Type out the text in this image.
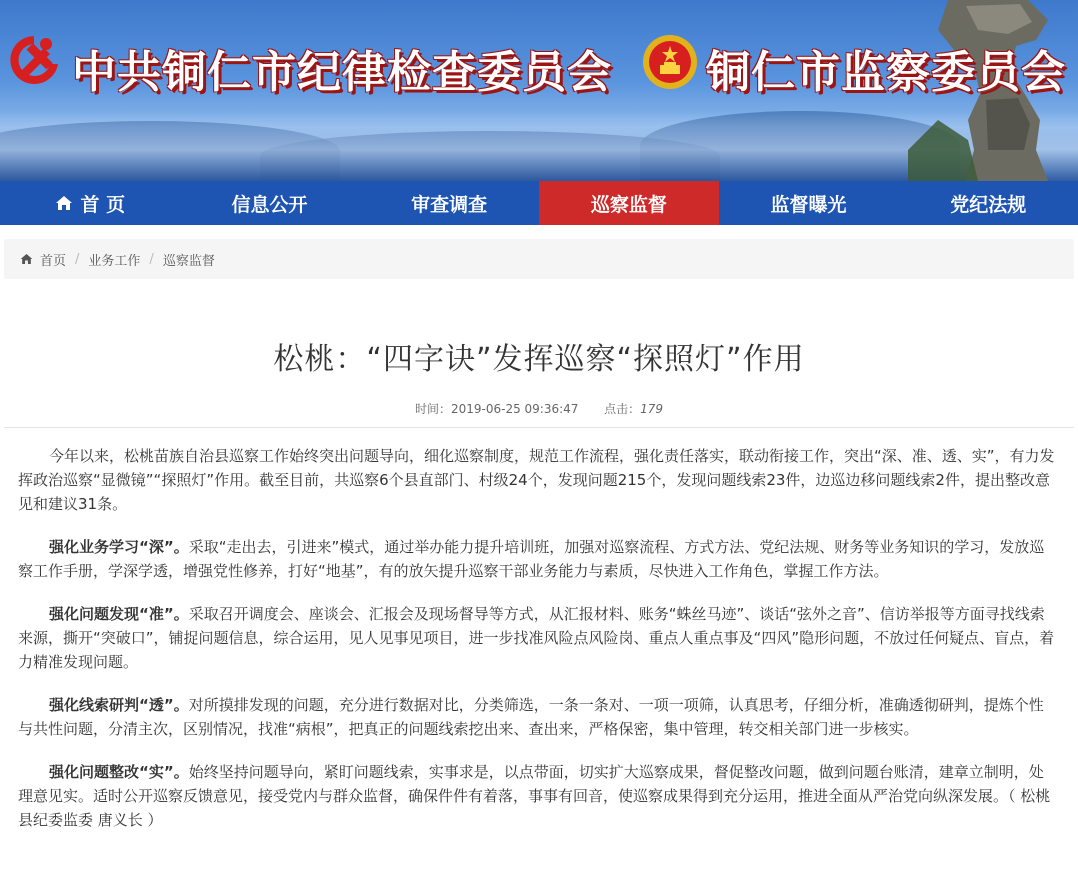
中共铜仁市纪律检查委员会 铜仁市监察委员会
首 页	信息公开	审查调查	巡察监督	监督曝光	党纪法规
首页 / 业务工作 / 巡察监督
松桃：“四字诀”发挥巡察“探照灯”作用
时间：2019-06-25 09:36:47 点击：179

今年以来，松桃苗族自治县巡察工作始终突出问题导向，细化巡察制度，规范工作流程，强化责任落实，联动衔接工作，突出“深、准、透、实”，有力发挥政治巡察“显微镜”“探照灯”作用。截至目前，共巡察6个县直部门、村级24个，发现问题215个，发现问题线索23件，边巡边移问题线索2件，提出整改意见和建议31条。

强化业务学习“深”。采取“走出去，引进来”模式，通过举办能力提升培训班，加强对巡察流程、方式方法、党纪法规、财务等业务知识的学习，发放巡察工作手册，学深学透，增强党性修养，打好“地基”，有的放矢提升巡察干部业务能力与素质，尽快进入工作角色，掌握工作方法。

强化问题发现“准”。采取召开调度会、座谈会、汇报会及现场督导等方式，从汇报材料、账务“蛛丝马迹”、谈话“弦外之音”、信访举报等方面寻找线索来源，撕开“突破口”，铺捉问题信息，综合运用，见人见事见项目，进一步找准风险点风险岗、重点人重点事及“四风”隐形问题，不放过任何疑点、盲点，着力精准发现问题。

强化线索研判“透”。对所摸排发现的问题，充分进行数据对比，分类筛选，一条一条对、一项一项筛，认真思考，仔细分析，准确透彻研判，提炼个性与共性问题，分清主次，区别情况，找准“病根”，把真正的问题线索挖出来、查出来，严格保密，集中管理，转交相关部门进一步核实。

强化问题整改“实”。始终坚持问题导向，紧盯问题线索，实事求是，以点带面，切实扩大巡察成果，督促整改问题，做到问题台账清，建章立制明，处理意见实。适时公开巡察反馈意见，接受党内与群众监督，确保件件有着落，事事有回音，使巡察成果得到充分运用，推进全面从严治党向纵深发展。（ 松桃县纪委监委 唐义长 ）
